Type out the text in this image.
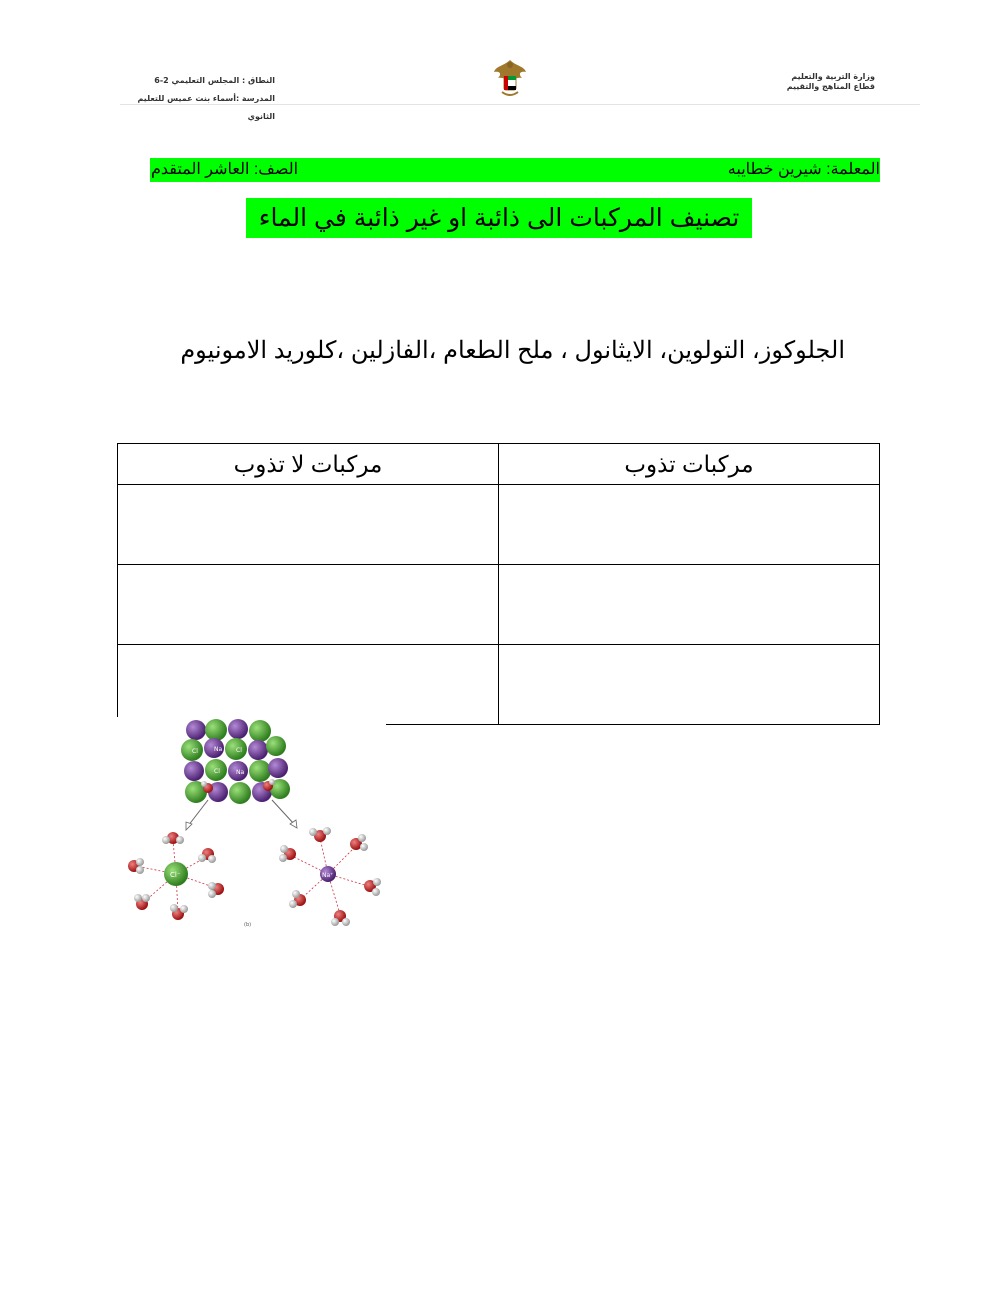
النطاق : المجلس التعليمي 2-6
المدرسة :أسماء بنت عميس للتعليم الثانوي
وزارة التربية والتعليم
قطاع المناهج والتقييم
المعلمة: شيرين خطايبه
الصف: العاشر المتقدم
تصنيف المركبات الى ذائبة او غير ذائبة في الماء
الجلوكوز، التولوين، الايثانول ، ملح الطعام ،الفازلين ،كلوريد الامونيوم
مركبات تذوب	مركبات لا تذوب

Na
Cl	Cl
Cl	Na
Cl⁻	Na⁺
(b)
